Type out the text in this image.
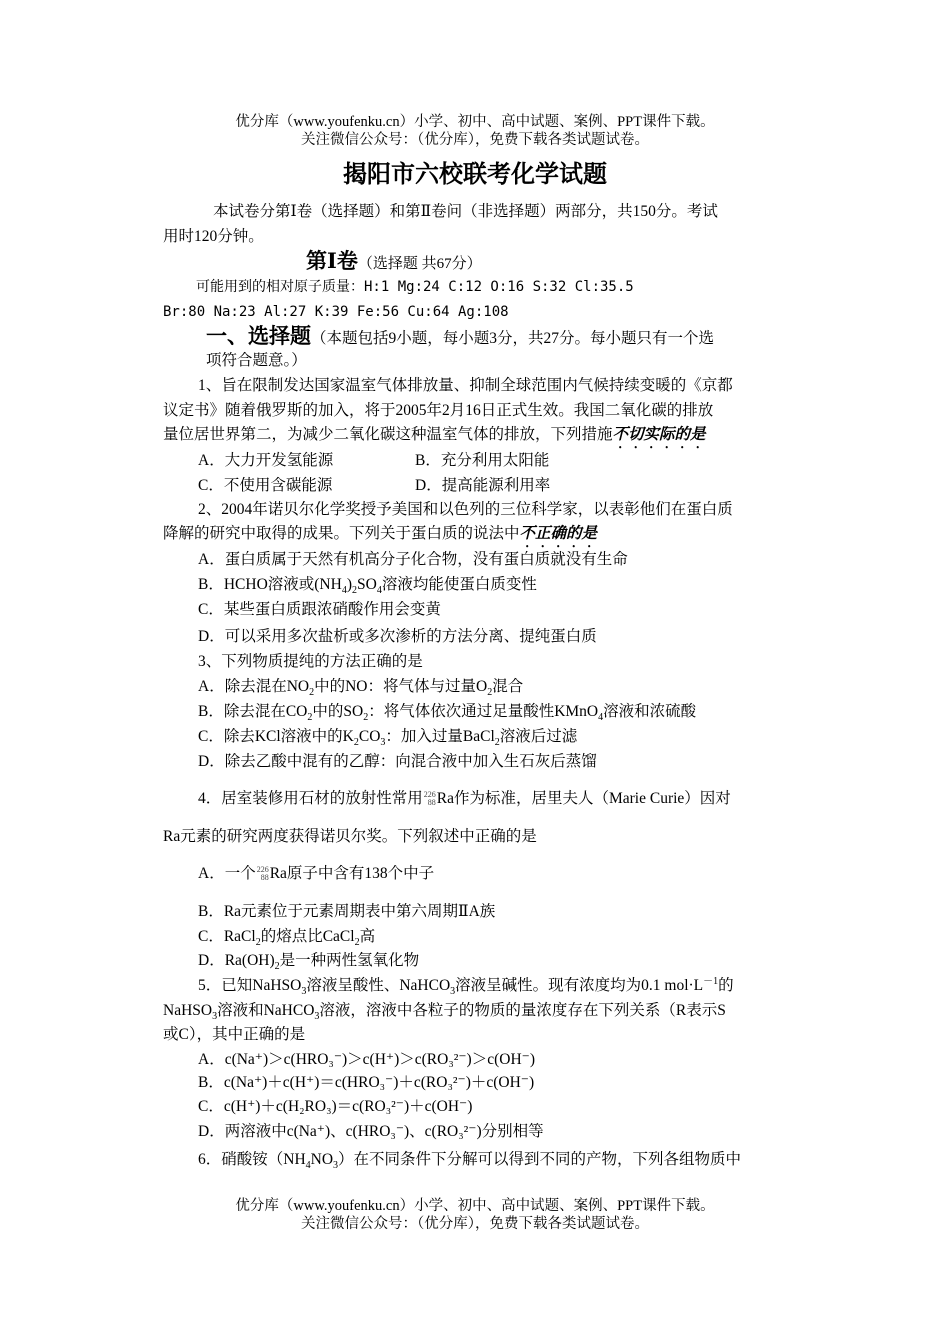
优分库（www.youfenku.cn）小学、初中、高中试题、案例、PPT课件下载。
关注微信公众号：（优分库），免费下载各类试题试卷。
揭阳市六校联考化学试题
本试卷分第Ⅰ卷（选择题）和第Ⅱ卷问（非选择题）两部分，共150分。考试
用时120分钟。
第Ⅰ卷（选择题 共67分）
可能用到的相对原子质量：H:1 Mg:24 C:12 O:16 S:32 Cl:35.5
Br:80 Na:23 Al:27 K:39 Fe:56 Cu:64 Ag:108
一、选择题（本题包括9小题，每小题3分，共27分。每小题只有一个选
项符合题意。）
1、旨在限制发达国家温室气体排放量、抑制全球范围内气候持续变暖的《京都
议定书》随着俄罗斯的加入，将于2005年2月16日正式生效。我国二氧化碳的排放
量位居世界第二，为减少二氧化碳这种温室气体的排放，下列措施不切实际的是
A．大力开发氢能源	B．充分利用太阳能
C．不使用含碳能源	D．提高能源利用率
2、2004年诺贝尔化学奖授予美国和以色列的三位科学家，以表彰他们在蛋白质
降解的研究中取得的成果。下列关于蛋白质的说法中不正确的是
A．蛋白质属于天然有机高分子化合物，没有蛋白质就没有生命
B．HCHO溶液或$(NH_4)_2SO_4$溶液均能使蛋白质变性
C．某些蛋白质跟浓硝酸作用会变黄
D．可以采用多次盐析或多次渗析的方法分离、提纯蛋白质
3、下列物质提纯的方法正确的是
A．除去混在$NO_2$中的NO：将气体与过量$O_2$混合
B．除去混在$CO_2$中的$SO_2$：将气体依次通过足量酸性KMnO$_4$溶液和浓硫酸
C．除去KCl溶液中的$K_2CO_3$：加入过量BaCl$_2$溶液后过滤
D．除去乙酸中混有的乙醇：向混合液中加入生石灰后蒸馏
4．居室装修用石材的放射性常用 226
88 Ra作为标准，居里夫人（Marie Curie）因对
Ra元素的研究两度获得诺贝尔奖。下列叙述中正确的是
A．一个 226
88 Ra原子中含有138个中子
B．Ra元素位于元素周期表中第六周期ⅡA族
C．RaCl$_2$的熔点比CaCl$_2$高
D．$Ra(OH)_2$是一种两性氢氧化物
5．已知NaHSO$_3$溶液呈酸性、NaHCO$_3$溶液呈碱性。现有浓度均为0.1 $mol\cdot L^{-1}$的
NaHSO$_3$溶液和NaHCO$_3$溶液，溶液中各粒子的物质的量浓度存在下列关系（R表示S
或C），其中正确的是
A．c(Na⁺)＞c(HRO₃⁻)＞c(H⁺)＞c(RO₃²⁻)＞c(OH⁻)
B．c(Na⁺)＋c(H⁺)＝c(HRO₃⁻)＋c(RO₃²⁻)＋c(OH⁻)
C．c(H⁺)＋c(H₂RO₃)＝c(RO₃²⁻)＋c(OH⁻)
D．两溶液中c(Na⁺)、c(HRO₃⁻)、c(RO₃²⁻)分别相等
6．硝酸铵$(NH_4NO_3)$在不同条件下分解可以得到不同的产物，下列各组物质中
优分库（www.youfenku.cn）小学、初中、高中试题、案例、PPT课件下载。
关注微信公众号：（优分库），免费下载各类试题试卷。
